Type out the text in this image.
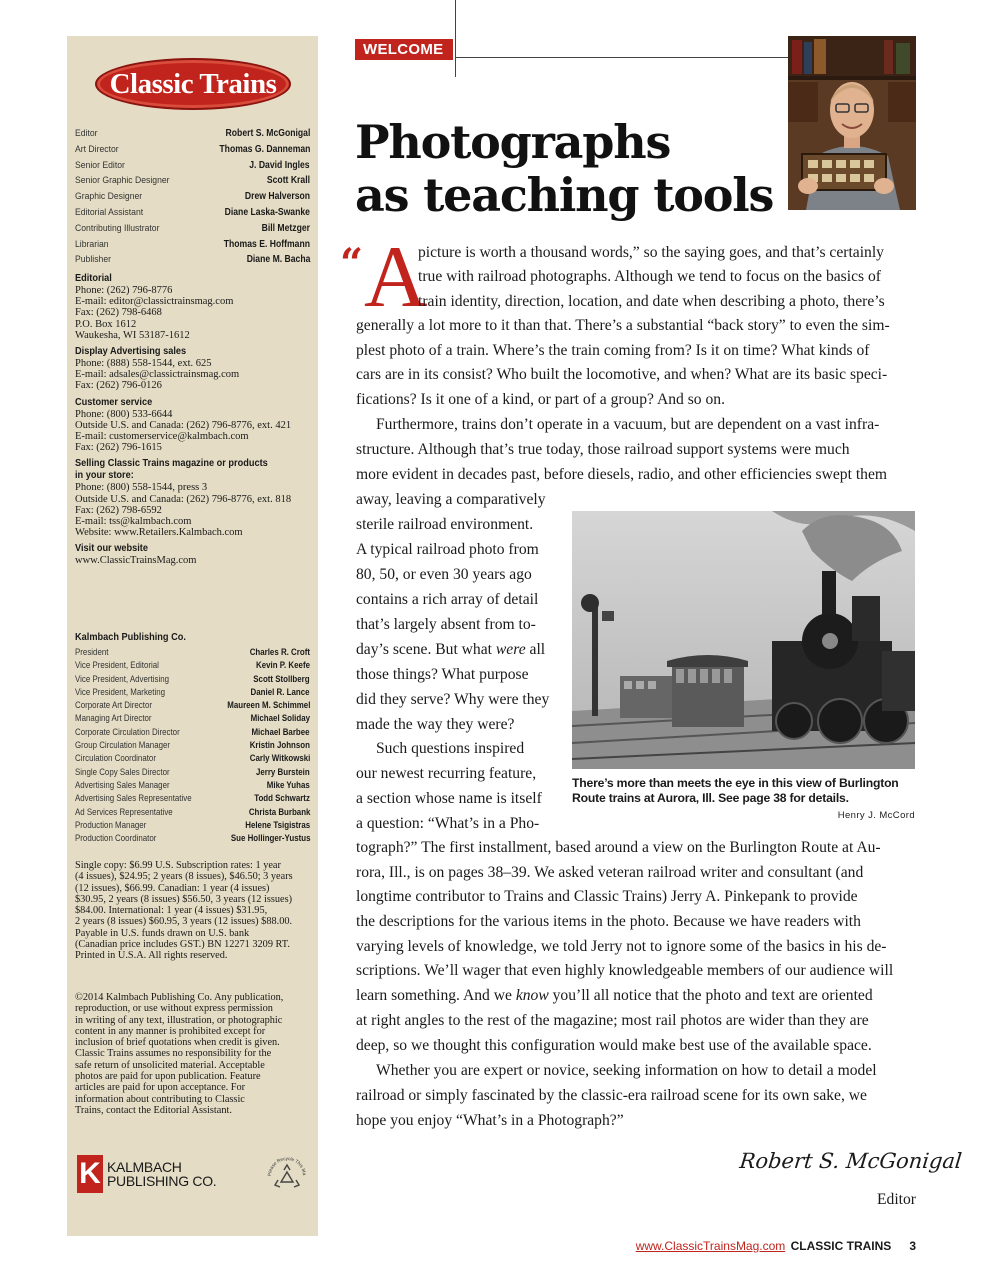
Classic Trains
Editor	Robert S. McGonigal
Art Director	Thomas G. Danneman
Senior Editor	J. David Ingles
Senior Graphic Designer	Scott Krall
Graphic Designer	Drew Halverson
Editorial Assistant	Diane Laska-Swanke
Contributing Illustrator	Bill Metzger
Librarian	Thomas E. Hoffmann
Publisher	Diane M. Bacha
Editorial
Phone: (262) 796-8776
E-mail: editor@classictrainsmag.com
Fax: (262) 798-6468
P.O. Box 1612
Waukesha, WI 53187-1612
Display Advertising sales
Phone: (888) 558-1544, ext. 625
E-mail: adsales@classictrainsmag.com
Fax: (262) 796-0126
Customer service
Phone: (800) 533-6644
Outside U.S. and Canada: (262) 796-8776, ext. 421
E-mail: customerservice@kalmbach.com
Fax: (262) 796-1615
Selling Classic Trains magazine or products
in your store:
Phone: (800) 558-1544, press 3
Outside U.S. and Canada: (262) 796-8776, ext. 818
Fax: (262) 798-6592
E-mail: tss@kalmbach.com
Website: www.Retailers.Kalmbach.com
Visit our website
www.ClassicTrainsMag.com
Kalmbach Publishing Co.
President	Charles R. Croft
Vice President, Editorial	Kevin P. Keefe
Vice President, Advertising	Scott Stollberg
Vice President, Marketing	Daniel R. Lance
Corporate Art Director	Maureen M. Schimmel
Managing Art Director	Michael Soliday
Corporate Circulation Director	Michael Barbee
Group Circulation Manager	Kristin Johnson
Circulation Coordinator	Carly Witkowski
Single Copy Sales Director	Jerry Burstein
Advertising Sales Manager	Mike Yuhas
Advertising Sales Representative	Todd Schwartz
Ad Services Representative	Christa Burbank
Production Manager	Helene Tsigistras
Production Coordinator	Sue Hollinger-Yustus
Single copy: $6.99 U.S. Subscription rates: 1 year
(4 issues), $24.95; 2 years (8 issues), $46.50; 3 years
(12 issues), $66.99. Canadian: 1 year (4 issues)
$30.95, 2 years (8 issues) $56.50, 3 years (12 issues)
$84.00. International: 1 year (4 issues) $31.95,
2 years (8 issues) $60.95, 3 years (12 issues) $88.00.
Payable in U.S. funds drawn on U.S. bank
(Canadian price includes GST.) BN 12271 3209 RT.
Printed in U.S.A. All rights reserved.
©2014 Kalmbach Publishing Co. Any publication,
reproduction, or use without express permission
in writing of any text, illustration, or photographic
content in any manner is prohibited except for
inclusion of brief quotations when credit is given.
Classic Trains assumes no responsibility for the
safe return of unsolicited material. Acceptable
photos are paid for upon publication. Feature
articles are paid for upon acceptance. For
information about contributing to Classic
Trains, contact the Editorial Assistant.
K KALMBACH
PUBLISHING CO.	Please Recycle This Ma
WELCOME
Photographs
as teaching tools
“ A
picture is worth a thousand words,” so the saying goes, and that’s certainly
true with railroad photographs. Although we tend to focus on the basics of
train identity, direction, location, and date when describing a photo, there’s
generally a lot more to it than that. There’s a substantial “back story” to even the sim-
plest photo of a train. Where’s the train coming from? Is it on time? What kinds of
cars are in its consist? Who built the locomotive, and when? What are its basic speci-
fications? Is it one of a kind, or part of a group? And so on.
Furthermore, trains don’t operate in a vacuum, but are dependent on a vast infra-
structure. Although that’s true today, those railroad support systems were much
more evident in decades past, before diesels, radio, and other efficiencies swept them
away, leaving a comparatively
sterile railroad environment.
A typical railroad photo from
80, 50, or even 30 years ago
contains a rich array of detail
that’s largely absent from to-
day’s scene. But what were all
those things? What purpose
did they serve? Why were they
made the way they were?
Such questions inspired
our newest recurring feature,
a section whose name is itself
a question: “What’s in a Pho-
tograph?” The first installment, based around a view on the Burlington Route at Au-
rora, Ill., is on pages 38–39. We asked veteran railroad writer and consultant (and
longtime contributor to Trains and Classic Trains) Jerry A. Pinkepank to provide
the descriptions for the various items in the photo. Because we have readers with
varying levels of knowledge, we told Jerry not to ignore some of the basics in his de-
scriptions. We’ll wager that even highly knowledgeable members of our audience will
learn something. And we know you’ll all notice that the photo and text are oriented
at right angles to the rest of the magazine; most rail photos are wider than they are
deep, so we thought this configuration would make best use of the available space.
Whether you are expert or novice, seeking information on how to detail a model
railroad or simply fascinated by the classic-era railroad scene for its own sake, we
hope you enjoy “What’s in a Photograph?”
There’s more than meets the eye in this view of Burlington Route trains at Aurora, Ill. See page 38 for details.
Henry J. McCord
Robert S. McGonigal
Editor
www.ClassicTrainsMag.com CLASSIC TRAINS 3
